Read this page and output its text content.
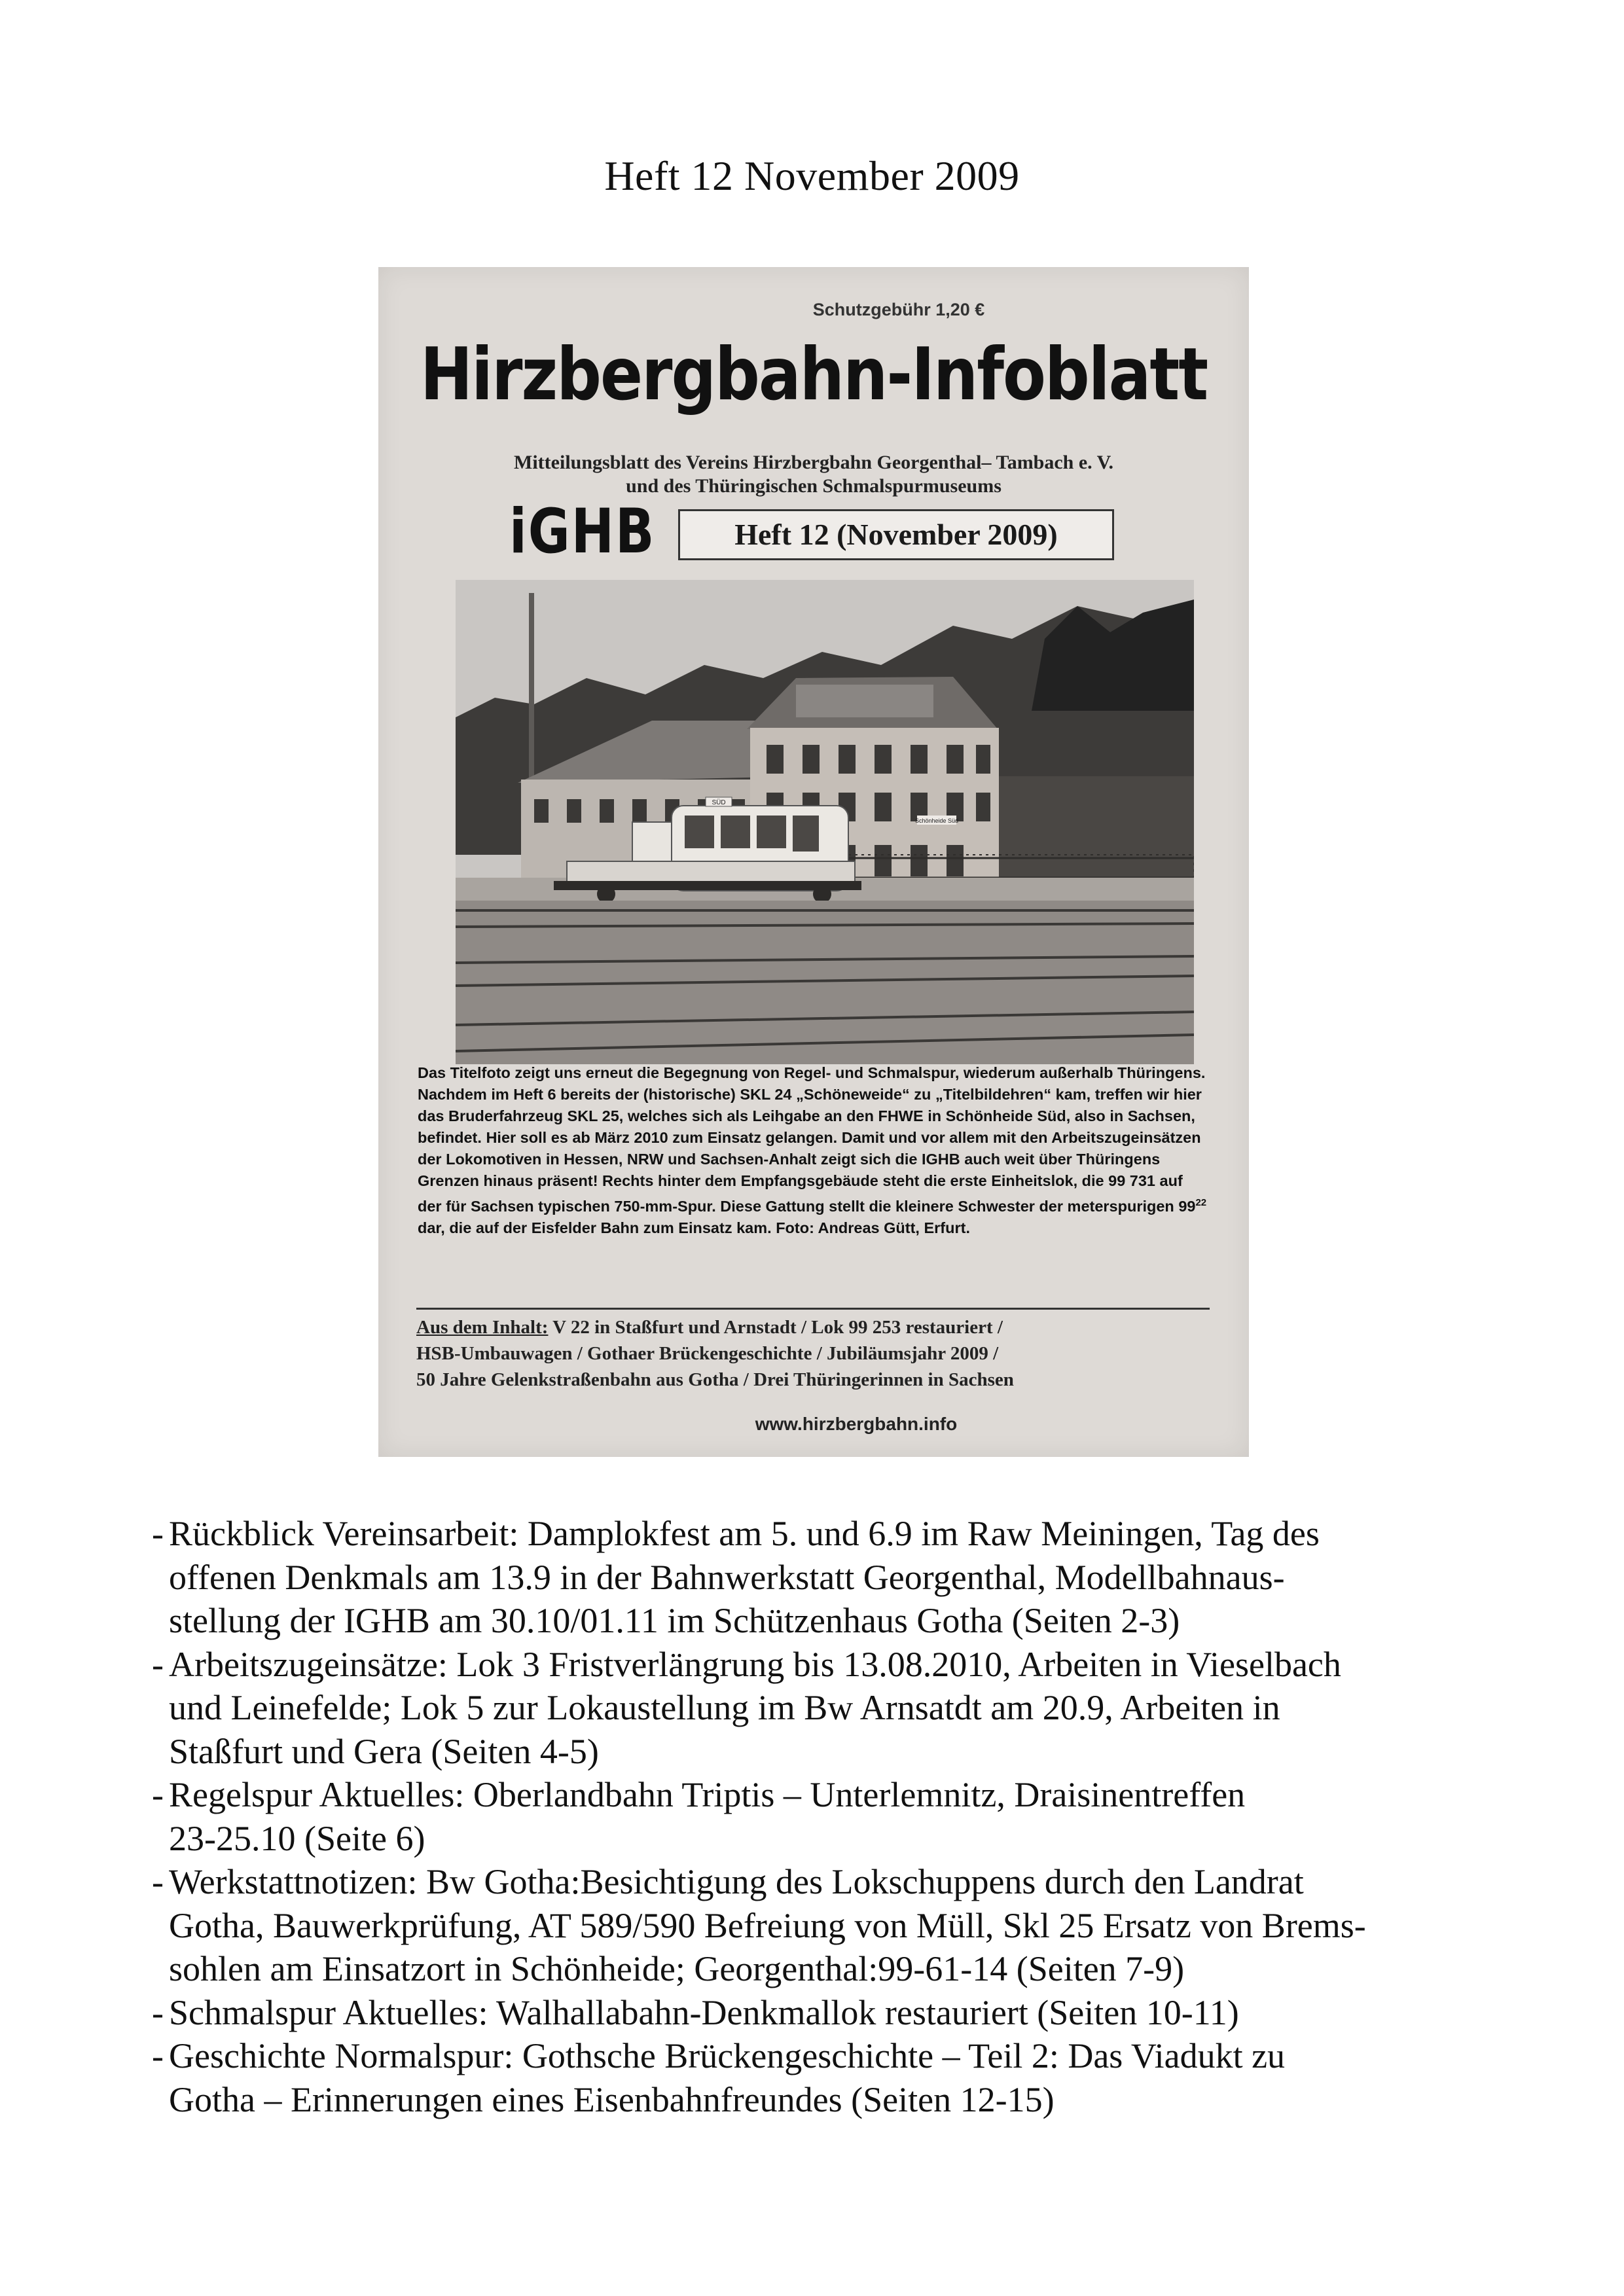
Heft 12 November 2009
Schutzgebühr 1,20 €
Hirzbergbahn-Infoblatt
Mitteilungsblatt des Vereins Hirzbergbahn Georgenthal– Tambach e. V.
und des Thüringischen Schmalspurmuseums
iGHB	Heft 12 (November 2009)
Schönheide Süd
SÜD
Das Titelfoto zeigt uns erneut die Begegnung von Regel- und Schmalspur, wiederum außerhalb Thüringens. Nachdem im Heft 6 bereits der (historische) SKL 24 „Schöneweide“ zu „Titelbildehren“ kam, treffen wir hier das Bruderfahrzeug SKL 25, welches sich als Leihgabe an den FHWE in Schönheide Süd, also in Sachsen, befindet. Hier soll es ab März 2010 zum Einsatz gelangen. Damit und vor allem mit den Arbeitszugeinsätzen der Lokomotiven in Hessen, NRW und Sachsen-Anhalt zeigt sich die IGHB auch weit über Thüringens Grenzen hinaus präsent! Rechts hinter dem Empfangsgebäude steht die erste Einheitslok, die 99 731 auf der für Sachsen typischen 750-mm-Spur. Diese Gattung stellt die kleinere Schwester der meterspurigen $99^{22}$ dar, die auf der Eisfelder Bahn zum Einsatz kam. Foto: Andreas Gütt, Erfurt.
Aus dem Inhalt: V 22 in Staßfurt und Arnstadt / Lok 99 253 restauriert /
HSB-Umbauwagen / Gothaer Brückengeschichte / Jubiläumsjahr 2009 /
50 Jahre Gelenkstraßenbahn aus Gotha / Drei Thüringerinnen in Sachsen
www.hirzbergbahn.info
- Rückblick Vereinsarbeit: Damplokfest am 5. und 6.9 im Raw Meiningen, Tag des
offenen Denkmals am 13.9 in der Bahnwerkstatt Georgenthal, Modellbahnaus-
stellung der IGHB am 30.10/01.11 im Schützenhaus Gotha (Seiten 2-3)
- Arbeitszugeinsätze: Lok 3 Fristverlängrung bis 13.08.2010, Arbeiten in Vieselbach
und Leinefelde; Lok 5 zur Lokaustellung im Bw Arnsatdt am 20.9, Arbeiten in
Staßfurt und Gera (Seiten 4-5)
- Regelspur Aktuelles: Oberlandbahn Triptis – Unterlemnitz, Draisinentreffen
23-25.10 (Seite 6)
- Werkstattnotizen: Bw Gotha:Besichtigung des Lokschuppens durch den Landrat
Gotha, Bauwerkprüfung, AT 589/590 Befreiung von Müll, Skl 25 Ersatz von Brems-
sohlen am Einsatzort in Schönheide; Georgenthal:99-61-14 (Seiten 7-9)
- Schmalspur Aktuelles: Walhallabahn-Denkmallok restauriert (Seiten 10-11)
- Geschichte Normalspur: Gothsche Brückengeschichte – Teil 2: Das Viadukt zu
Gotha – Erinnerungen eines Eisenbahnfreundes (Seiten 12-15)
